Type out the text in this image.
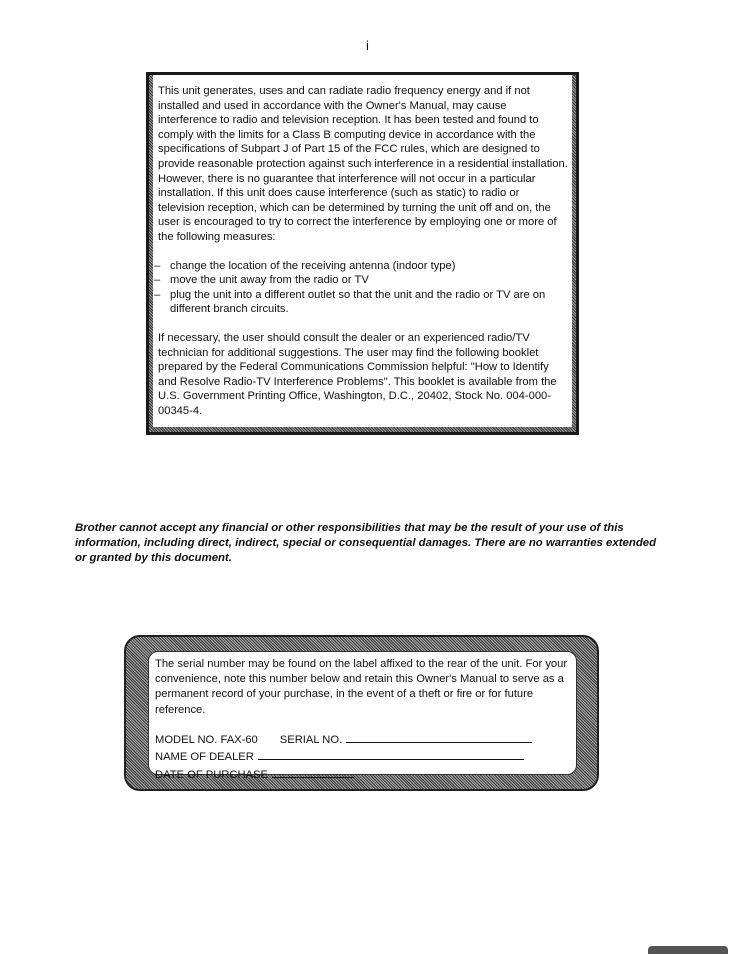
i

This unit generates, uses and can radiate radio frequency energy and if not installed and used in accordance with the Owner's Manual, may cause interference to radio and television reception. It has been tested and found to comply with the limits for a Class B computing device in accordance with the specifications of Subpart J of Part 15 of the FCC rules, which are designed to provide reasonable protection against such interference in a residential installation. However, there is no guarantee that interference will not occur in a particular installation. If this unit does cause interference (such as static) to radio or television reception, which can be determined by turning the unit off and on, the user is encouraged to try to correct the interference by employing one or more of the following measures:

– change the location of the receiving antenna (indoor type)
– move the unit away from the radio or TV
– plug the unit into a different outlet so that the unit and the radio or TV are on different branch circuits.

If necessary, the user should consult the dealer or an experienced radio/TV technician for additional suggestions. The user may find the following booklet prepared by the Federal Communications Commission helpful: "How to Identify and Resolve Radio-TV Interference Problems". This booklet is available from the U.S. Government Printing Office, Washington, D.C., 20402, Stock No. 004-000-00345-4.

Brother cannot accept any financial or other responsibilities that may be the result of your use of this information, including direct, indirect, special or consequential damages. There are no warranties extended or granted by this document.

The serial number may be found on the label affixed to the rear of the unit. For your convenience, note this number below and retain this Owner's Manual to serve as a permanent record of your purchase, in the event of a theft or fire or for future reference.

MODEL NO. FAX-60 SERIAL NO.
NAME OF DEALER
DATE OF PURCHASE
